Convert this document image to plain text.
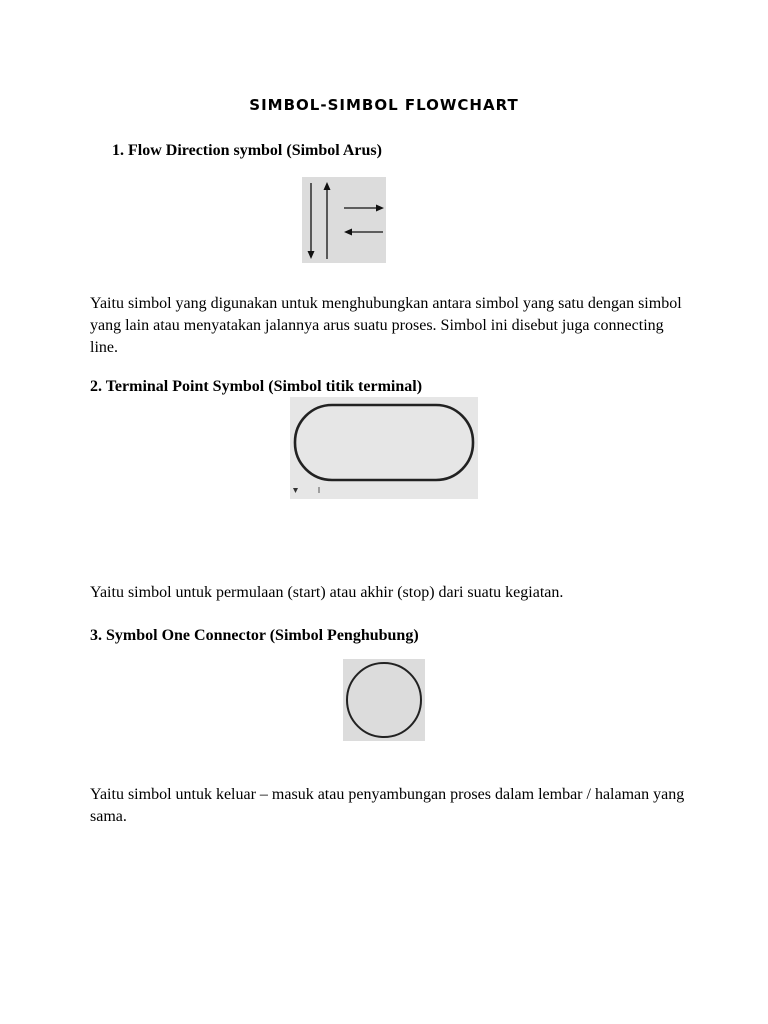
SIMBOL-SIMBOL FLOWCHART
1. Flow Direction symbol (Simbol Arus)
Yaitu simbol yang digunakan untuk menghubungkan antara simbol yang satu dengan simbol yang lain atau menyatakan jalannya arus suatu proses. Simbol ini disebut juga connecting line.
2. Terminal Point Symbol (Simbol titik terminal)
Yaitu simbol untuk permulaan (start) atau akhir (stop) dari suatu kegiatan.
3. Symbol One Connector (Simbol Penghubung)
Yaitu simbol untuk keluar – masuk atau penyambungan proses dalam lembar / halaman yang sama.
